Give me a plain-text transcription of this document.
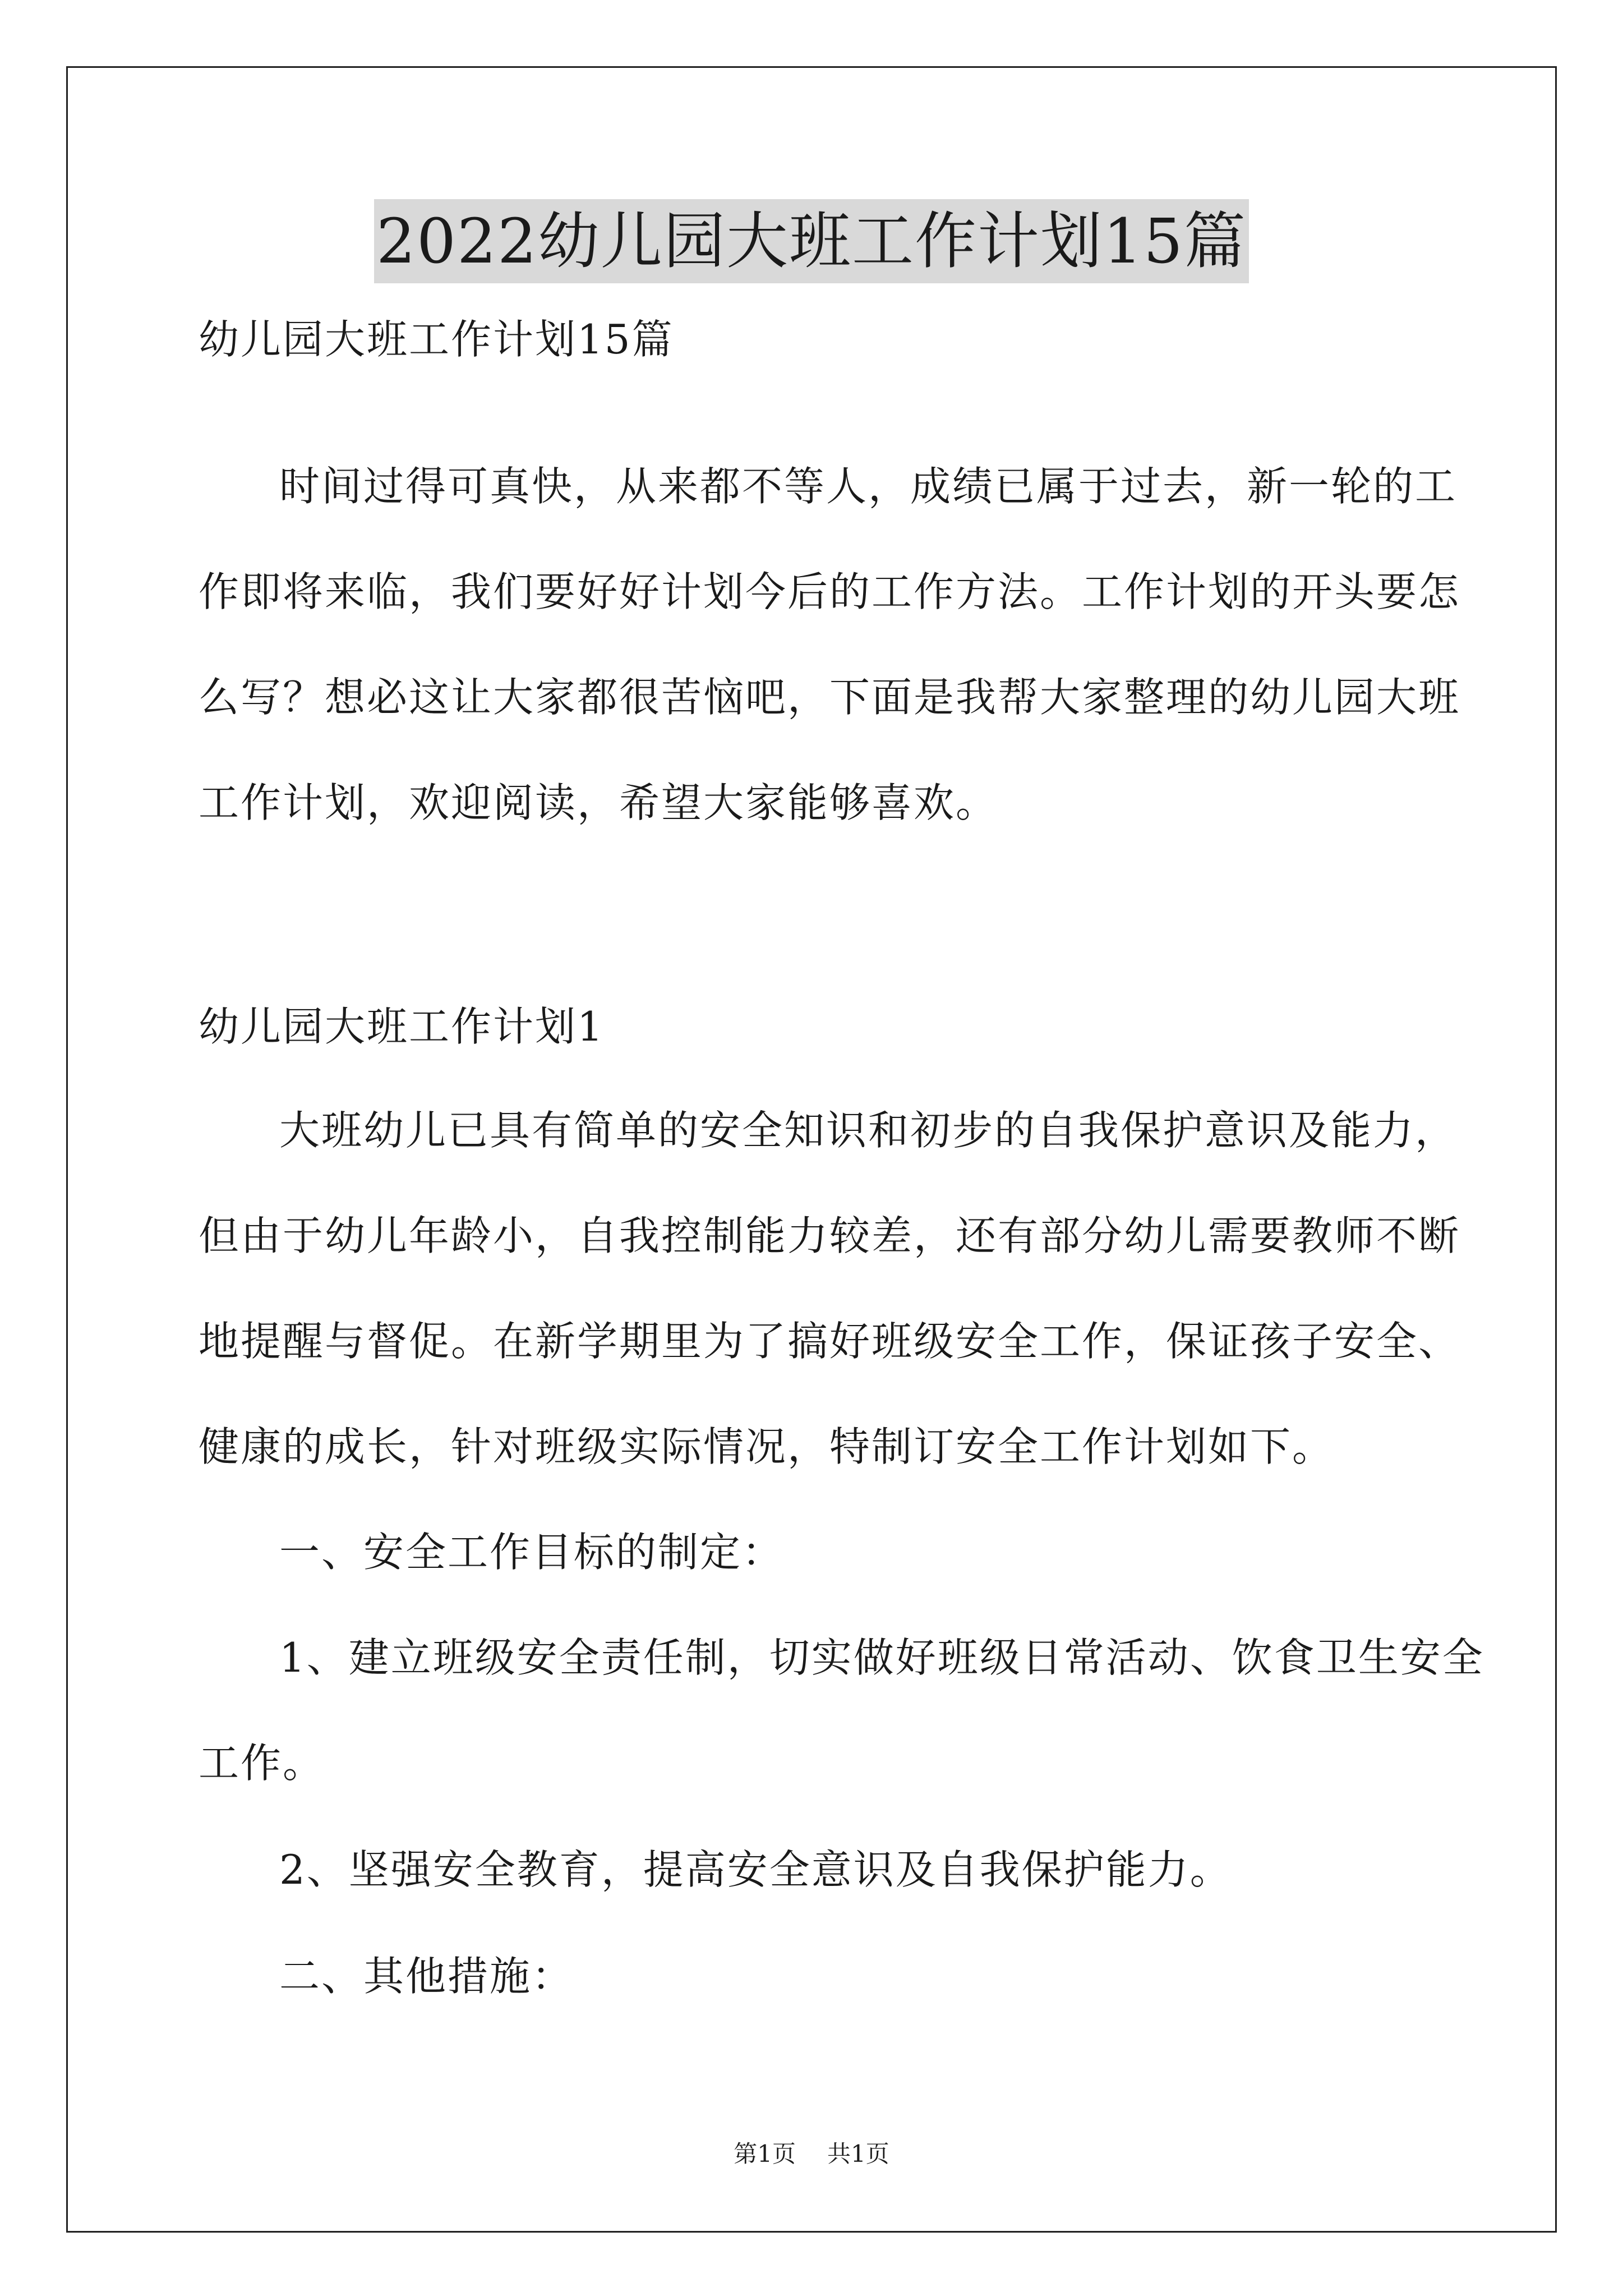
2022幼儿园大班工作计划15篇
幼儿园大班工作计划15篇
时间过得可真快，从来都不等人，成绩已属于过去，新一轮的工
作即将来临，我们要好好计划今后的工作方法。工作计划的开头要怎
么写？想必这让大家都很苦恼吧，下面是我帮大家整理的幼儿园大班
工作计划，欢迎阅读，希望大家能够喜欢。
幼儿园大班工作计划1
大班幼儿已具有简单的安全知识和初步的自我保护意识及能力，
但由于幼儿年龄小，自我控制能力较差，还有部分幼儿需要教师不断
地提醒与督促。在新学期里为了搞好班级安全工作，保证孩子安全、
健康的成长，针对班级实际情况，特制订安全工作计划如下。
一、安全工作目标的制定：
1、建立班级安全责任制，切实做好班级日常活动、饮食卫生安全
工作。
2、坚强安全教育，提高安全意识及自我保护能力。
二、其他措施：
第1页 共1页
